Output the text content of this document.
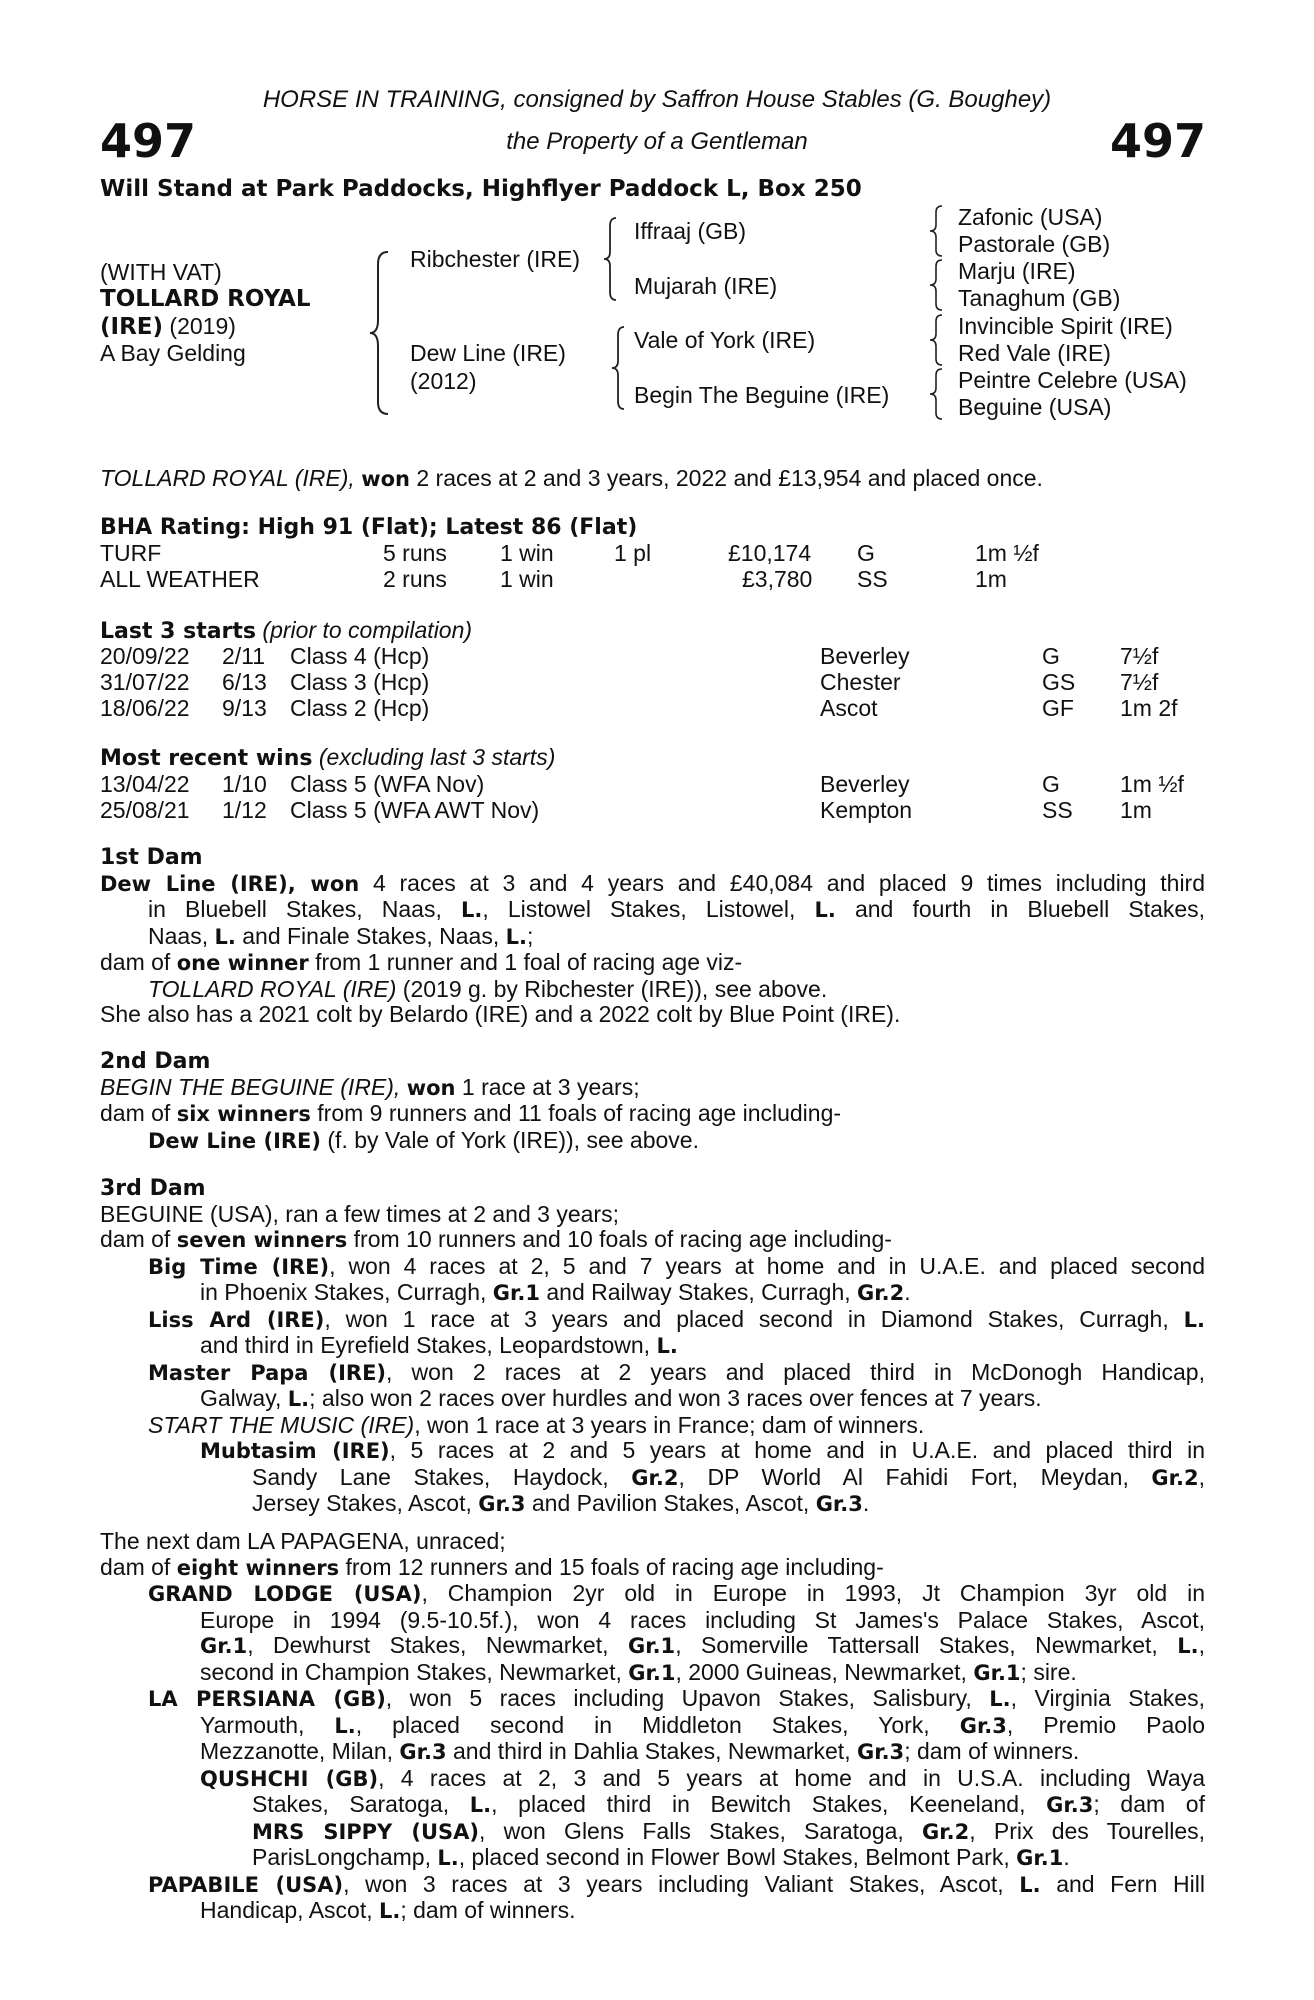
497	497
HORSE IN TRAINING, consigned by Saffron House Stables (G. Boughey)
the Property of a Gentleman
Will Stand at Park Paddocks, Highflyer Paddock L, Box 250
(WITH VAT)
TOLLARD ROYAL
(IRE) (2019)
A Bay Gelding
Ribchester (IRE)
Dew Line (IRE)
(2012)
Iffraaj (GB)
Mujarah (IRE)
Vale of York (IRE)
Begin The Beguine (IRE)
Zafonic (USA)
Pastorale (GB)
Marju (IRE)
Tanaghum (GB)
Invincible Spirit (IRE)
Red Vale (IRE)
Peintre Celebre (USA)
Beguine (USA)
TOLLARD ROYAL (IRE), won 2 races at 2 and 3 years, 2022 and £13,954 and placed once.
BHA Rating: High 91 (Flat); Latest 86 (Flat)
TURF	5 runs 1 win	1 pl	£10,174 G	1m ½f
ALL WEATHER	2 runs 1 win	£3,780 SS	1m
Last 3 starts (prior to compilation)
20/09/22 2/11 Class 4 (Hcp)	Beverley	G	7½f
31/07/22 6/13 Class 3 (Hcp)	Chester	GS 7½f
18/06/22 9/13 Class 2 (Hcp)	Ascot	GF 1m 2f
Most recent wins (excluding last 3 starts)
13/04/22 1/10 Class 5 (WFA Nov)	Beverley	G	1m ½f
25/08/21 1/12 Class 5 (WFA AWT Nov)	Kempton	SS 1m
1st Dam
Dew Line (IRE), won 4 races at 3 and 4 years and £40,084 and placed 9 times including third
in Bluebell Stakes, Naas, L., Listowel Stakes, Listowel, L. and fourth in Bluebell Stakes,
Naas, L. and Finale Stakes, Naas, L.;
dam of one winner from 1 runner and 1 foal of racing age viz-
TOLLARD ROYAL (IRE) (2019 g. by Ribchester (IRE)), see above.
She also has a 2021 colt by Belardo (IRE) and a 2022 colt by Blue Point (IRE).
2nd Dam
BEGIN THE BEGUINE (IRE), won 1 race at 3 years;
dam of six winners from 9 runners and 11 foals of racing age including-
Dew Line (IRE) (f. by Vale of York (IRE)), see above.
3rd Dam
BEGUINE (USA), ran a few times at 2 and 3 years;
dam of seven winners from 10 runners and 10 foals of racing age including-
Big Time (IRE), won 4 races at 2, 5 and 7 years at home and in U.A.E. and placed second
in Phoenix Stakes, Curragh, Gr.1 and Railway Stakes, Curragh, Gr.2.
Liss Ard (IRE), won 1 race at 3 years and placed second in Diamond Stakes, Curragh, L.
and third in Eyrefield Stakes, Leopardstown, L.
Master Papa (IRE), won 2 races at 2 years and placed third in McDonogh Handicap,
Galway, L.; also won 2 races over hurdles and won 3 races over fences at 7 years.
START THE MUSIC (IRE), won 1 race at 3 years in France; dam of winners.
Mubtasim (IRE), 5 races at 2 and 5 years at home and in U.A.E. and placed third in
Sandy Lane Stakes, Haydock, Gr.2, DP World Al Fahidi Fort, Meydan, Gr.2,
Jersey Stakes, Ascot, Gr.3 and Pavilion Stakes, Ascot, Gr.3.
The next dam LA PAPAGENA, unraced;
dam of eight winners from 12 runners and 15 foals of racing age including-
GRAND LODGE (USA), Champion 2yr old in Europe in 1993, Jt Champion 3yr old in
Europe in 1994 (9.5-10.5f.), won 4 races including St James's Palace Stakes, Ascot,
Gr.1, Dewhurst Stakes, Newmarket, Gr.1, Somerville Tattersall Stakes, Newmarket, L.,
second in Champion Stakes, Newmarket, Gr.1, 2000 Guineas, Newmarket, Gr.1; sire.
LA PERSIANA (GB), won 5 races including Upavon Stakes, Salisbury, L., Virginia Stakes,
Yarmouth, L., placed second in Middleton Stakes, York, Gr.3, Premio Paolo
Mezzanotte, Milan, Gr.3 and third in Dahlia Stakes, Newmarket, Gr.3; dam of winners.
QUSHCHI (GB), 4 races at 2, 3 and 5 years at home and in U.S.A. including Waya
Stakes, Saratoga, L., placed third in Bewitch Stakes, Keeneland, Gr.3; dam of
MRS SIPPY (USA), won Glens Falls Stakes, Saratoga, Gr.2, Prix des Tourelles,
ParisLongchamp, L., placed second in Flower Bowl Stakes, Belmont Park, Gr.1.
PAPABILE (USA), won 3 races at 3 years including Valiant Stakes, Ascot, L. and Fern Hill
Handicap, Ascot, L.; dam of winners.
